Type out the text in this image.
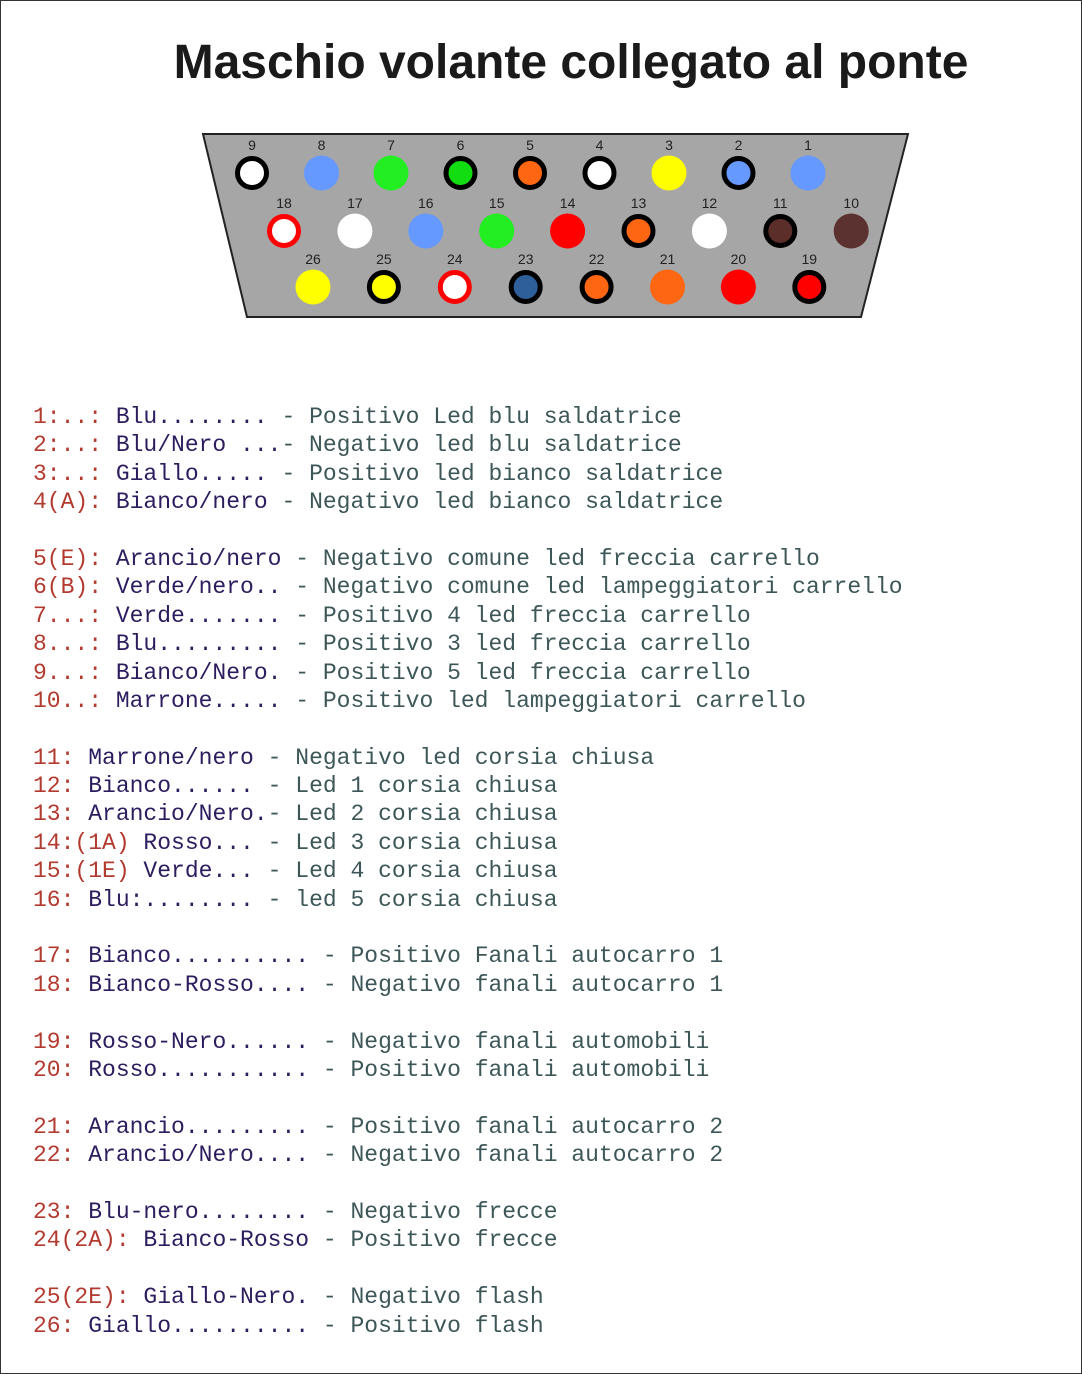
Maschio volante collegato al ponte
9	8	7	6	5	4	3	2	1
18	17	16	15	14	13	12	11	10
26	25	24	23	22	21	20	19
1:..: Blu........ - Positivo Led blu saldatrice
2:..: Blu/Nero ...- Negativo led blu saldatrice
3:..: Giallo..... - Positivo led bianco saldatrice
4(A): Bianco/nero - Negativo led bianco saldatrice
5(E): Arancio/nero - Negativo comune led freccia carrello
6(B): Verde/nero.. - Negativo comune led lampeggiatori carrello
7...: Verde....... - Positivo 4 led freccia carrello
8...: Blu......... - Positivo 3 led freccia carrello
9...: Bianco/Nero. - Positivo 5 led freccia carrello
10..: Marrone..... - Positivo led lampeggiatori carrello
11: Marrone/nero - Negativo led corsia chiusa
12: Bianco...... - Led 1 corsia chiusa
13: Arancio/Nero.- Led 2 corsia chiusa
14:(1A) Rosso... - Led 3 corsia chiusa
15:(1E) Verde... - Led 4 corsia chiusa
16: Blu:........ - led 5 corsia chiusa
17: Bianco.......... - Positivo Fanali autocarro 1
18: Bianco-Rosso.... - Negativo fanali autocarro 1
19: Rosso-Nero...... - Negativo fanali automobili
20: Rosso........... - Positivo fanali automobili
21: Arancio......... - Positivo fanali autocarro 2
22: Arancio/Nero.... - Negativo fanali autocarro 2
23: Blu-nero........ - Negativo frecce
24(2A): Bianco-Rosso - Positivo frecce
25(2E): Giallo-Nero. - Negativo flash
26: Giallo.......... - Positivo flash
